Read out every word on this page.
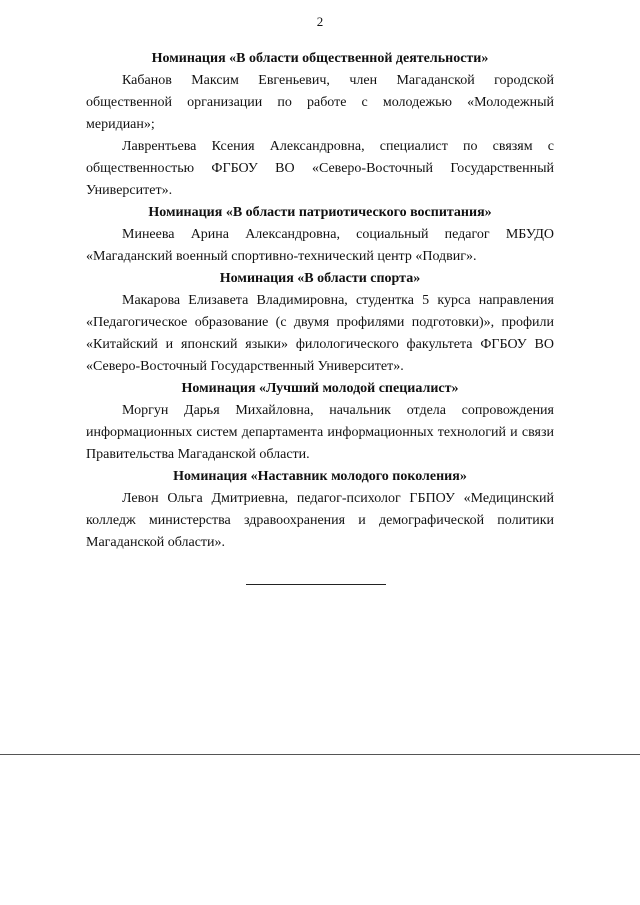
2

Номинация «В области общественной деятельности»

Кабанов Максим Евгеньевич, член Магаданской городской общественной организации по работе с молодежью «Молодежный меридиан»;

Лаврентьева Ксения Александровна, специалист по связям с общественностью ФГБОУ ВО «Северо-Восточный Государственный Университет».

Номинация «В области патриотического воспитания»

Минеева Арина Александровна, социальный педагог МБУДО «Магаданский военный спортивно-технический центр «Подвиг».

Номинация «В области спорта»

Макарова Елизавета Владимировна, студентка 5 курса направления «Педагогическое образование (с двумя профилями подготовки)», профили «Китайский и японский языки» филологического факультета ФГБОУ ВО «Северо-Восточный Государственный Университет».

Номинация «Лучший молодой специалист»

Моргун Дарья Михайловна, начальник отдела сопровождения информационных систем департамента информационных технологий и связи Правительства Магаданской области.

Номинация «Наставник молодого поколения»

Левон Ольга Дмитриевна, педагог-психолог ГБПОУ «Медицинский колледж министерства здравоохранения и демографической политики Магаданской области».
